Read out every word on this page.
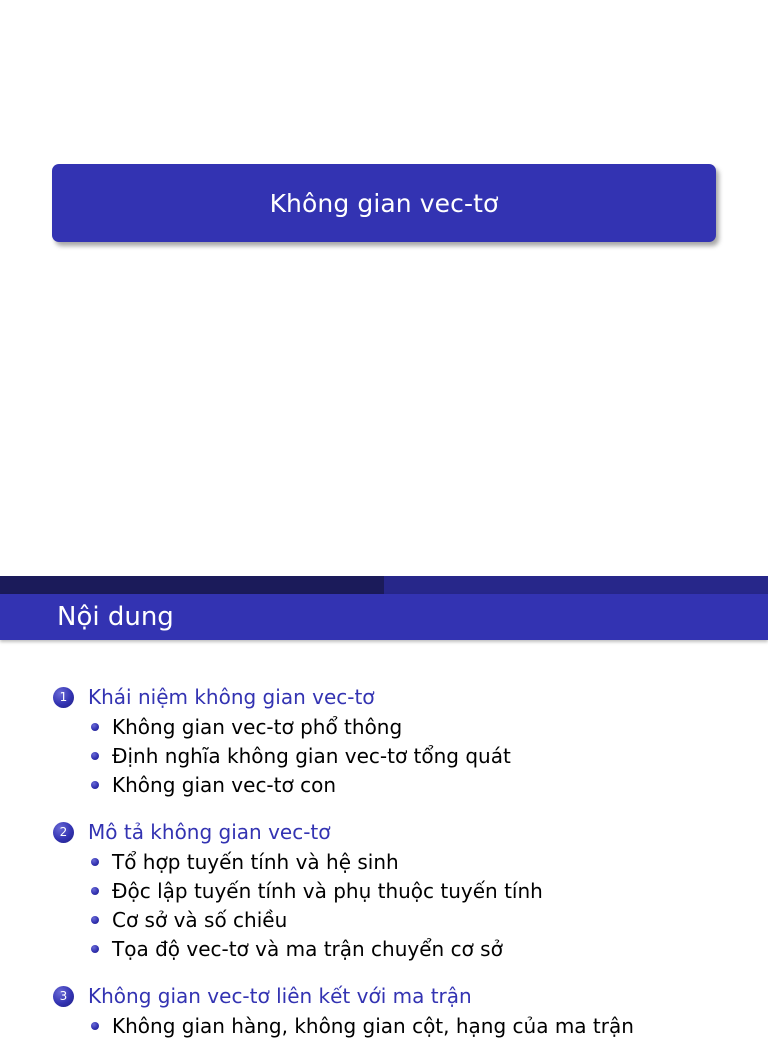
Không gian vec-tơ
Nội dung
1	Khái niệm không gian vec-tơ
Không gian vec-tơ phổ thông
Định nghĩa không gian vec-tơ tổng quát
Không gian vec-tơ con
2	Mô tả không gian vec-tơ
Tổ hợp tuyến tính và hệ sinh
Độc lập tuyến tính và phụ thuộc tuyến tính
Cơ sở và số chiều
Tọa độ vec-tơ và ma trận chuyển cơ sở
3	Không gian vec-tơ liên kết với ma trận
Không gian hàng, không gian cột, hạng của ma trận
